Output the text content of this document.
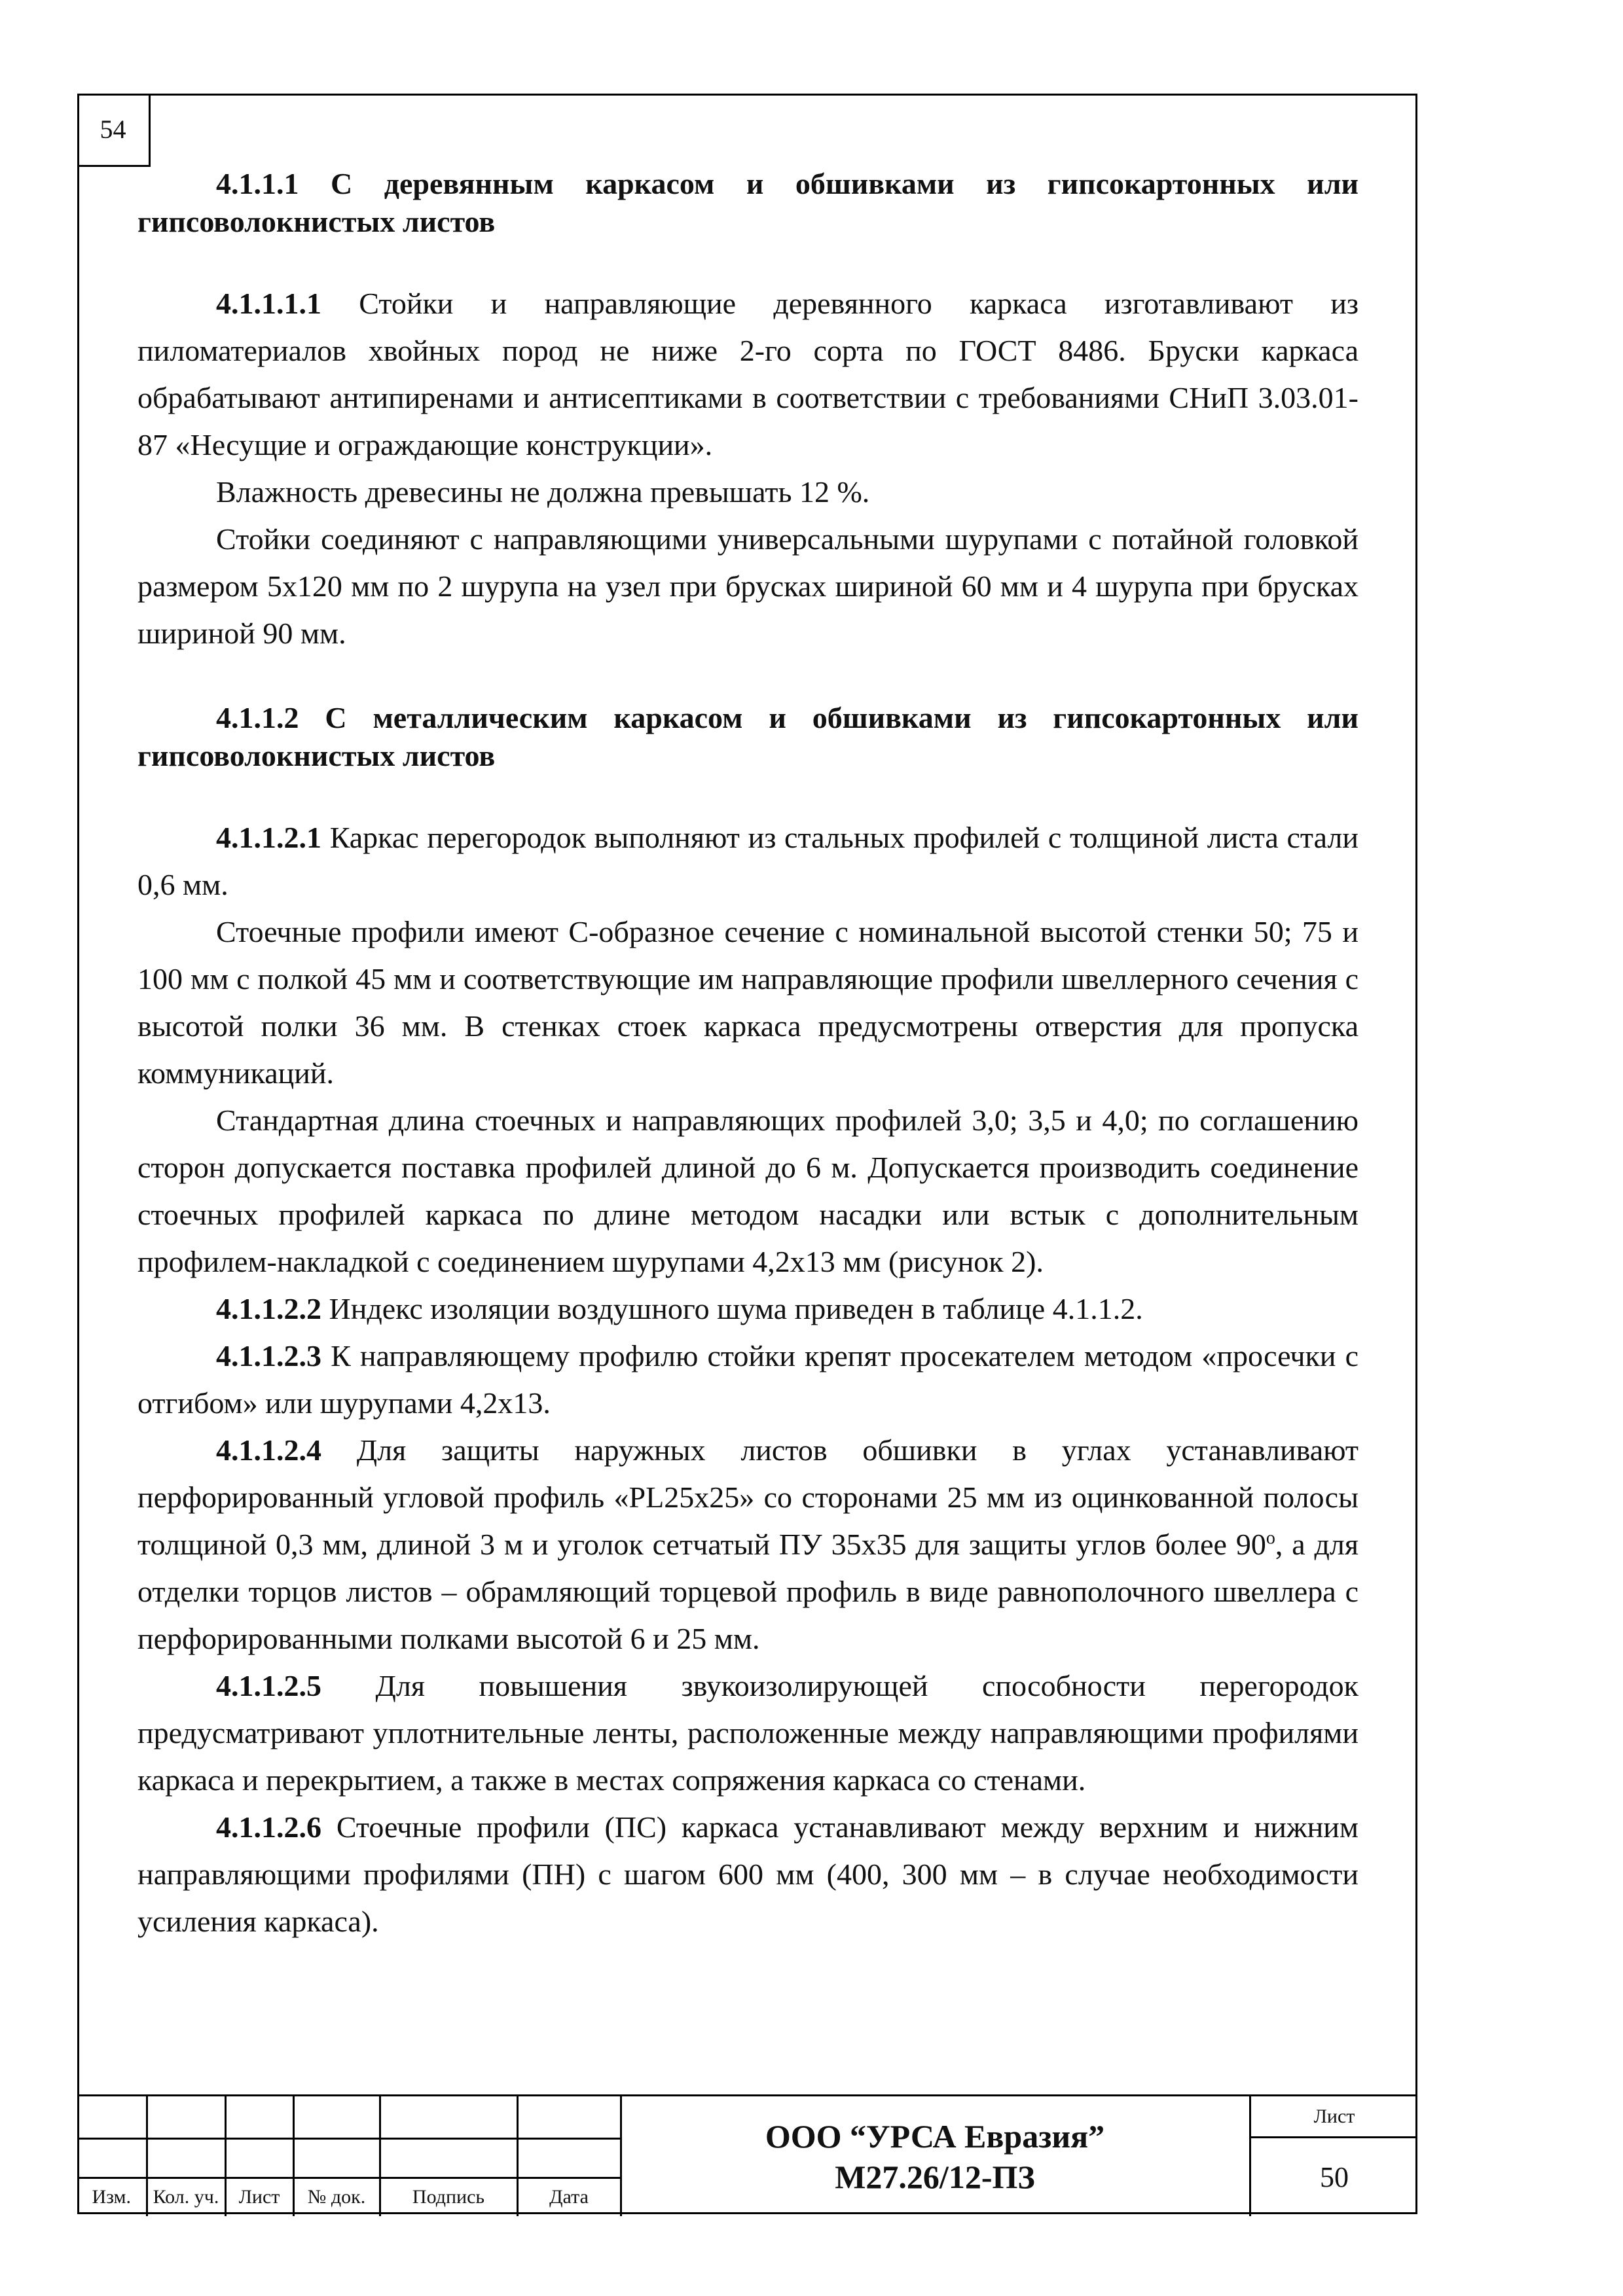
54

4.1.1.1 С деревянным каркасом и обшивками из гипсокартонных или гипсоволокнистых листов

4.1.1.1.1 Стойки и направляющие деревянного каркаса изготавливают из пиломатериалов хвойных пород не ниже 2-го сорта по ГОСТ 8486. Бруски каркаса обрабатывают антипиренами и антисептиками в соответствии с требованиями СНиП 3.03.01-87 «Несущие и ограждающие конструкции».

Влажность древесины не должна превышать 12 %.

Стойки соединяют с направляющими универсальными шурупами с потайной головкой размером 5х120 мм по 2 шурупа на узел при брусках шириной 60 мм и 4 шурупа при брусках шириной 90 мм.

4.1.1.2 С металлическим каркасом и обшивками из гипсокартонных или гипсоволокнистых листов

4.1.1.2.1 Каркас перегородок выполняют из стальных профилей с толщиной листа стали 0,6 мм.

Стоечные профили имеют С-образное сечение с номинальной высотой стенки 50; 75 и 100 мм с полкой 45 мм и соответствующие им направляющие профили швеллерного сечения с высотой полки 36 мм. В стенках стоек каркаса предусмотрены отверстия для пропуска коммуникаций.

Стандартная длина стоечных и направляющих профилей 3,0; 3,5 и 4,0; по соглашению сторон допускается поставка профилей длиной до 6 м. Допускается производить соединение стоечных профилей каркаса по длине методом насадки или встык с дополнительным профилем-накладкой с соединением шурупами 4,2х13 мм (рисунок 2).

4.1.1.2.2 Индекс изоляции воздушного шума приведен в таблице 4.1.1.2.

4.1.1.2.3 К направляющему профилю стойки крепят просекателем методом «просечки с отгибом» или шурупами 4,2х13.

4.1.1.2.4 Для защиты наружных листов обшивки в углах устанавливают перфорированный угловой профиль «PL25х25» со сторонами 25 мм из оцинкованной полосы толщиной 0,3 мм, длиной 3 м и уголок сетчатый ПУ 35х35 для защиты углов более $90^о$, а для отделки торцов листов – обрамляющий торцевой профиль в виде равнополочного швеллера с перфорированными полками высотой 6 и 25 мм.

4.1.1.2.5 Для повышения звукоизолирующей способности перегородок предусматривают уплотнительные ленты, расположенные между направляющими профилями каркаса и перекрытием, а также в местах сопряжения каркаса со стенами.

4.1.1.2.6 Стоечные профили (ПС) каркаса устанавливают между верхним и нижним направляющими профилями (ПН) с шагом 600 мм (400, 300 мм – в случае необходимости усиления каркаса).

Изм.	Кол. уч.	Лист	№ док.	Подпись	Дата
ООО “УРСА Евразия”
М27.26/12-ПЗ
Лист
50
